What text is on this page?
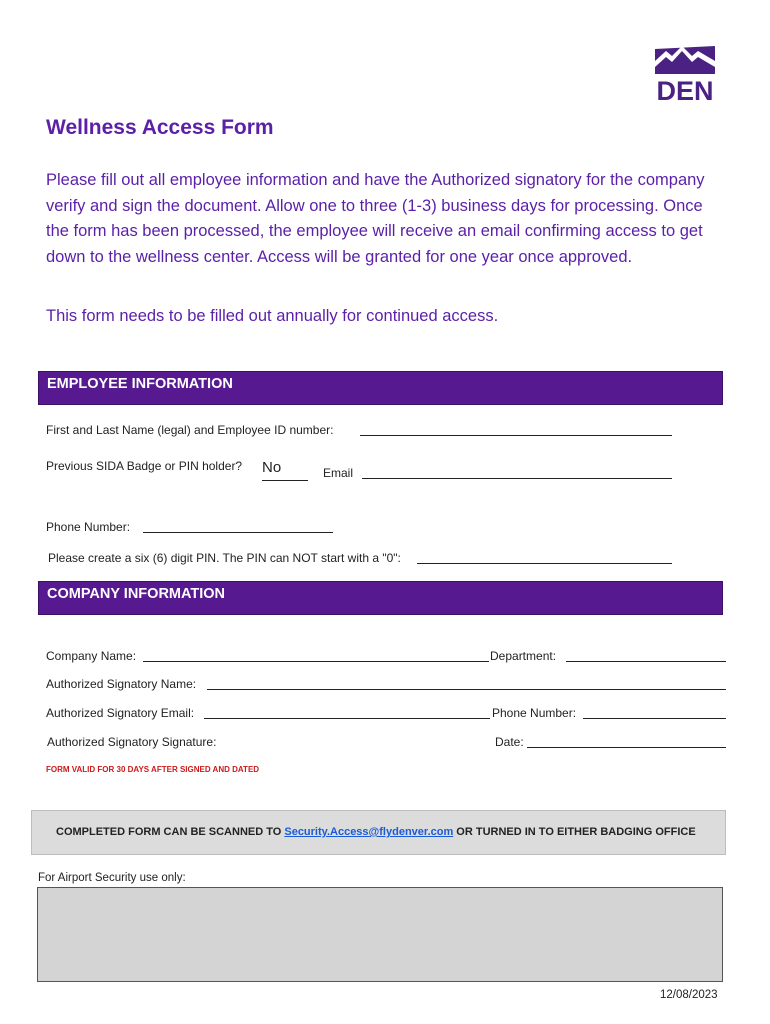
DEN
Wellness Access Form
Please fill out all employee information and have the Authorized signatory for the company verify and sign the document. Allow one to three (1-3) business days for processing. Once the form has been processed, the employee will receive an email confirming access to get down to the wellness center. Access will be granted for one year once approved.
This form needs to be filled out annually for continued access.
EMPLOYEE INFORMATION
First and Last Name (legal) and Employee ID number:
Previous SIDA Badge or PIN holder? No	Email
Phone Number:
Please create a six (6) digit PIN. The PIN can NOT start with a "0":
COMPANY INFORMATION
Company Name:	Department:
Authorized Signatory Name:
Authorized Signatory Email:	Phone Number:
Authorized Signatory Signature:	Date:
FORM VALID FOR 30 DAYS AFTER SIGNED AND DATED
COMPLETED FORM CAN BE SCANNED TO Security.Access@flydenver.com OR TURNED IN TO EITHER BADGING OFFICE
For Airport Security use only:
12/08/2023
